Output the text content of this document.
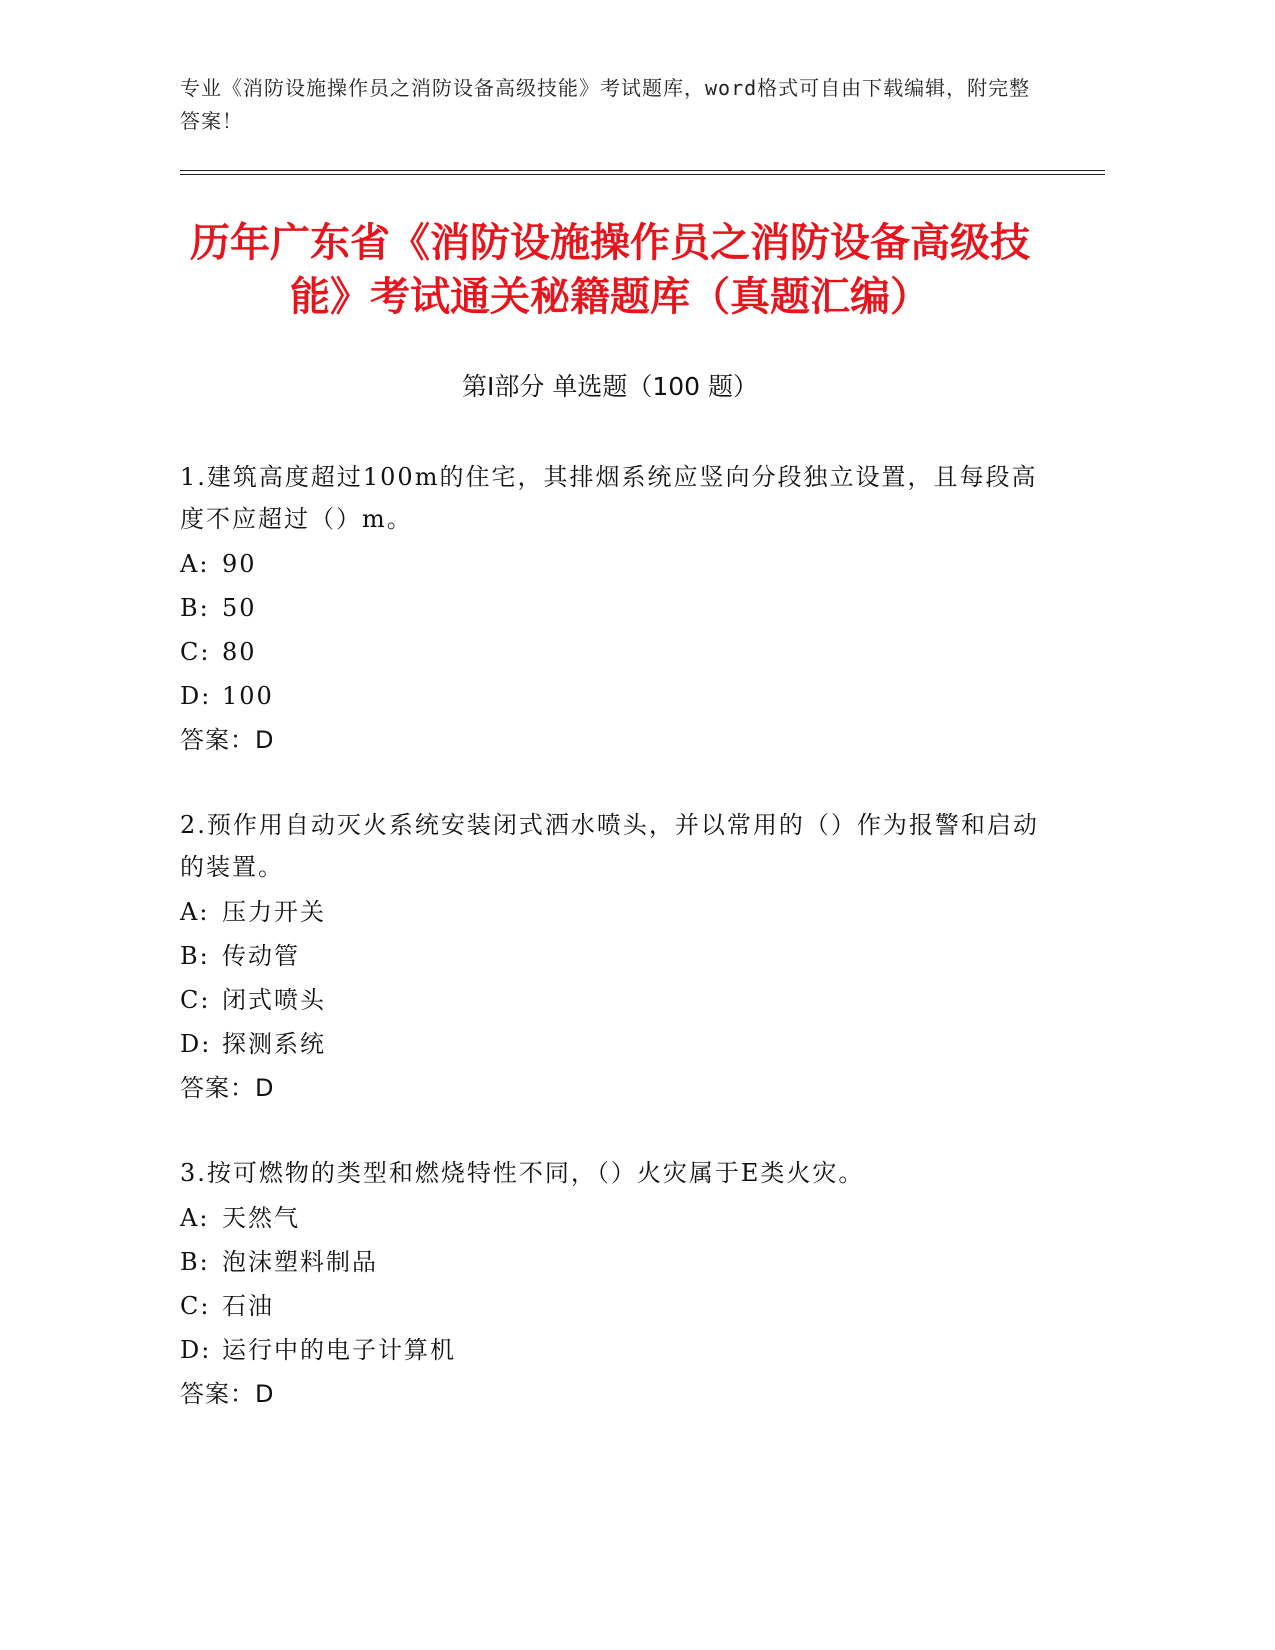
专业《消防设施操作员之消防设备高级技能》考试题库，word格式可自由下载编辑，附完整答案！
历年广东省《消防设施操作员之消防设备高级技能》考试通关秘籍题库（真题汇编）
第Ⅰ部分 单选题（100 题）
1.建筑高度超过100m的住宅，其排烟系统应竖向分段独立设置，且每段高度不应超过（）m。
A: 90
B: 50
C: 80
D: 100
答案：D
2.预作用自动灭火系统安装闭式洒水喷头，并以常用的（）作为报警和启动的装置。
A: 压力开关
B: 传动管
C: 闭式喷头
D: 探测系统
答案：D
3.按可燃物的类型和燃烧特性不同，（）火灾属于E类火灾。
A: 天然气
B: 泡沫塑料制品
C: 石油
D: 运行中的电子计算机
答案：D
